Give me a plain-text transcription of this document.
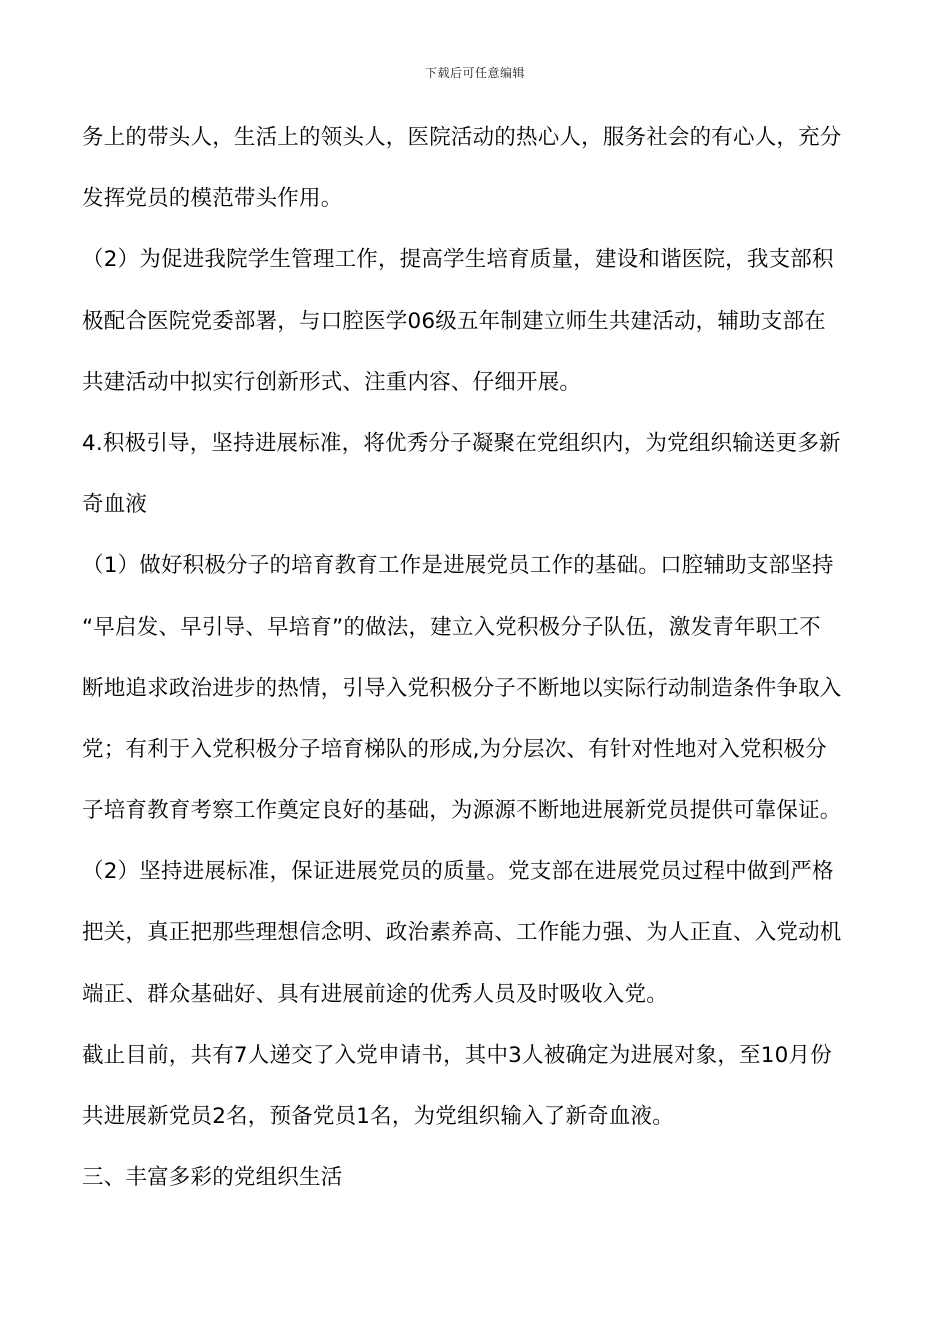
下载后可任意编辑
务上的带头人，生活上的领头人，医院活动的热心人，服务社会的有心人，充分
发挥党员的模范带头作用。
（2）为促进我院学生管理工作，提高学生培育质量，建设和谐医院，我支部积
极配合医院党委部署，与口腔医学06级五年制建立师生共建活动，辅助支部在
共建活动中拟实行创新形式、注重内容、仔细开展。
4.积极引导，坚持进展标准，将优秀分子凝聚在党组织内，为党组织输送更多新
奇血液
（1）做好积极分子的培育教育工作是进展党员工作的基础。口腔辅助支部坚持
“早启发、早引导、早培育”的做法，建立入党积极分子队伍，激发青年职工不
断地追求政治进步的热情，引导入党积极分子不断地以实际行动制造条件争取入
党；有利于入党积极分子培育梯队的形成,为分层次、有针对性地对入党积极分
子培育教育考察工作奠定良好的基础，为源源不断地进展新党员提供可靠保证。
（2）坚持进展标准，保证进展党员的质量。党支部在进展党员过程中做到严格
把关，真正把那些理想信念明、政治素养高、工作能力强、为人正直、入党动机
端正、群众基础好、具有进展前途的优秀人员及时吸收入党。
截止目前，共有7人递交了入党申请书，其中3人被确定为进展对象，至10月份
共进展新党员2名，预备党员1名，为党组织输入了新奇血液。
三、丰富多彩的党组织生活
